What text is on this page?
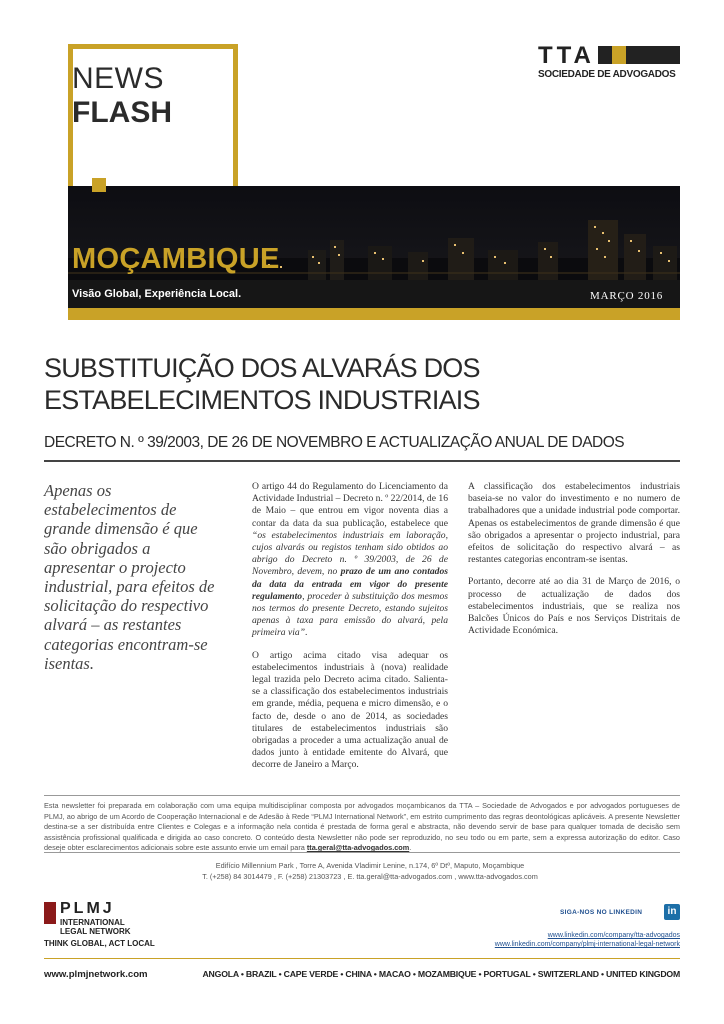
NEWS
FLASH
TTA
SOCIEDADE DE ADVOGADOS
MOÇAMBIQUE
Visão Global, Experiência Local.	MARÇO 2016
SUBSTITUIÇÃO DOS ALVARÁS DOS
ESTABELECIMENTOS INDUSTRIAIS
DECRETO N. º 39/2003, DE 26 DE NOVEMBRO E ACTUALIZAÇÃO ANUAL DE DADOS
Apenas os estabelecimentos de grande dimensão é que são obrigados a apresentar o projecto industrial, para efeitos de solicitação do respectivo alvará – as restantes categorias encontram-se isentas.

O artigo 44 do Regulamento do Licenciamento da Actividade Industrial – Decreto n. º 22/2014, de 16 de Maio – que entrou em vigor noventa dias a contar da data da sua publicação, estabelece que “os estabelecimentos industriais em laboração, cujos alvarás ou registos tenham sido obtidos ao abrigo do Decreto n. º 39/2003, de 26 de Novembro, devem, no prazo de um ano contados da data da entrada em vigor do presente regulamento, proceder à substituição dos mesmos nos termos do presente Decreto, estando sujeitos apenas à taxa para emissão do alvará, pela primeira via”.

O artigo acima citado visa adequar os estabelecimentos industriais à (nova) realidade legal trazida pelo Decreto acima citado. Salienta-se a classificação dos estabelecimentos industriais em grande, média, pequena e micro dimensão, e o facto de, desde o ano de 2014, as sociedades titulares de estabelecimentos industriais são obrigadas a proceder a uma actualização anual de dados junto à entidade emitente do Alvará, que decorre de Janeiro a Março.

A classificação dos estabelecimentos industriais baseia-se no valor do investimento e no numero de trabalhadores que a unidade industrial pode comportar. Apenas os estabelecimentos de grande dimensão é que são obrigados a apresentar o projecto industrial, para efeitos de solicitação do respectivo alvará – as restantes categorias encontram-se isentas.

Portanto, decorre até ao dia 31 de Março de 2016, o processo de actualização de dados dos estabelecimentos industriais, que se realiza nos Balcões Únicos do País e nos Serviços Distritais de Actividade Económica.

Esta newsletter foi preparada em colaboração com uma equipa multidisciplinar composta por advogados moçambicanos da TTA – Sociedade de Advogados e por advogados portugueses de PLMJ, ao abrigo de um Acordo de Cooperação Internacional e de Adesão à Rede “PLMJ International Network”, em estrito cumprimento das regras deontológicas aplicáveis. A presente Newsletter destina-se a ser distribuída entre Clientes e Colegas e a informação nela contida é prestada de forma geral e abstracta, não devendo servir de base para qualquer tomada de decisão sem assistência profissional qualificada e dirigida ao caso concreto. O conteúdo desta Newsletter não pode ser reproduzido, no seu todo ou em parte, sem a expressa autorização do editor. Caso deseje obter esclarecimentos adicionais sobre este assunto envie um email para tta.geral@tta-advogados.com.
Edifício Millennium Park , Torre A, Avenida Vladimir Lenine, n.174, 6º Dtº, Maputo, Moçambique
T. (+258) 84 3014479 , F. (+258) 21303723 , E. tta.geral@tta-advogados.com , www.tta-advogados.com
PLMJ
INTERNATIONAL
LEGAL NETWORK
THINK GLOBAL, ACT LOCAL
SIGA-NOS NO LINKEDIN	in
www.linkedin.com/company/tta-advogados
www.linkedin.com/company/plmj-international-legal-network
www.plmjnetwork.com	ANGOLA • BRAZIL • CAPE VERDE • CHINA • MACAO • MOZAMBIQUE • PORTUGAL • SWITZERLAND • UNITED KINGDOM
